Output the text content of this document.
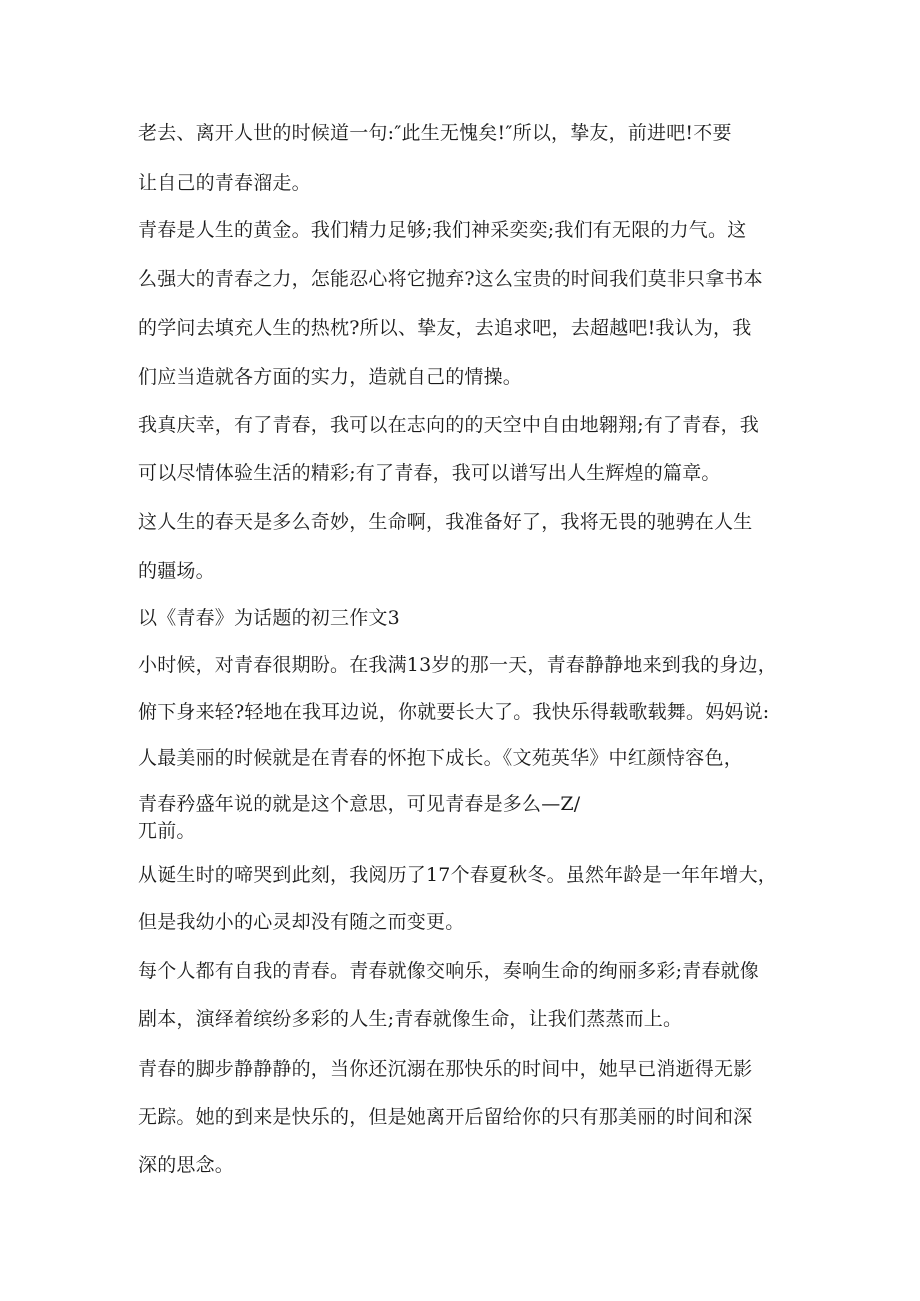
老去、离开人世的时候道一句:″此生无愧矣!″所以，挚友，前进吧!不要

让自己的青春溜走。

青春是人生的黄金。我们精力足够;我们神采奕奕;我们有无限的力气。这

么强大的青春之力，怎能忍心将它抛弃?这么宝贵的时间我们莫非只拿书本

的学问去填充人生的热枕?所以、挚友，去追求吧，去超越吧!我认为，我

们应当造就各方面的实力，造就自己的情操。

我真庆幸，有了青春，我可以在志向的的天空中自由地翱翔;有了青春，我

可以尽情体验生活的精彩;有了青春，我可以谱写出人生辉煌的篇章。

这人生的春天是多么奇妙，生命啊，我准备好了，我将无畏的驰骋在人生

的疆场。

以《青春》为话题的初三作文3

小时候，对青春很期盼。在我满13岁的那一天，青春静静地来到我的身边，

俯下身来轻?轻地在我耳边说，你就要长大了。我快乐得载歌载舞。妈妈说:

人最美丽的时候就是在青春的怀抱下成长。《文苑英华》中红颜恃容色，

青春矜盛年说的就是这个意思，可见青春是多么—Z/

兀前。

从诞生时的啼哭到此刻，我阅历了17个春夏秋冬。虽然年龄是一年年增大，

但是我幼小的心灵却没有随之而变更。

每个人都有自我的青春。青春就像交响乐，奏响生命的绚丽多彩;青春就像

剧本，演绎着缤纷多彩的人生;青春就像生命，让我们蒸蒸而上。

青春的脚步静静静的，当你还沉溺在那快乐的时间中，她早已消逝得无影

无踪。她的到来是快乐的，但是她离开后留给你的只有那美丽的时间和深

深的思念。
